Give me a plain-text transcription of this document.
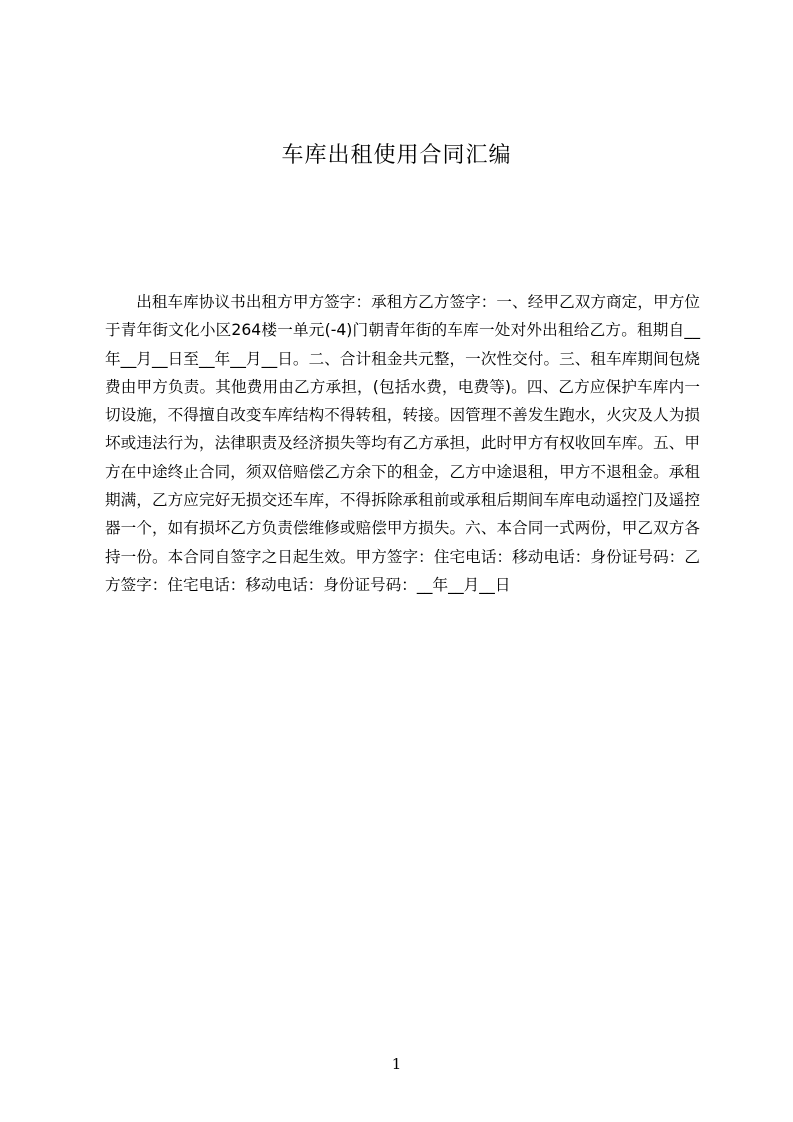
车库出租使用合同汇编

出租车库协议书出租方甲方签字：承租方乙方签字：一、经甲乙双方商定，甲方位于青年街文化小区264楼一单元(-4)门朝青年街的车库一处对外出租给乙方。租期自__年__月__日至__年__月__日。二、合计租金共元整，一次性交付。三、租车库期间包烧费由甲方负责。其他费用由乙方承担，(包括水费，电费等)。四、乙方应保护车库内一切设施，不得擅自改变车库结构不得转租，转接。因管理不善发生跑水，火灾及人为损坏或违法行为，法律职责及经济损失等均有乙方承担，此时甲方有权收回车库。五、甲方在中途终止合同，须双倍赔偿乙方余下的租金，乙方中途退租，甲方不退租金。承租期满，乙方应完好无损交还车库，不得拆除承租前或承租后期间车库电动遥控门及遥控器一个，如有损坏乙方负责偿维修或赔偿甲方损失。六、本合同一式两份，甲乙双方各持一份。本合同自签字之日起生效。甲方签字：住宅电话：移动电话：身份证号码：乙方签字：住宅电话：移动电话：身份证号码：__年__月__日

1
